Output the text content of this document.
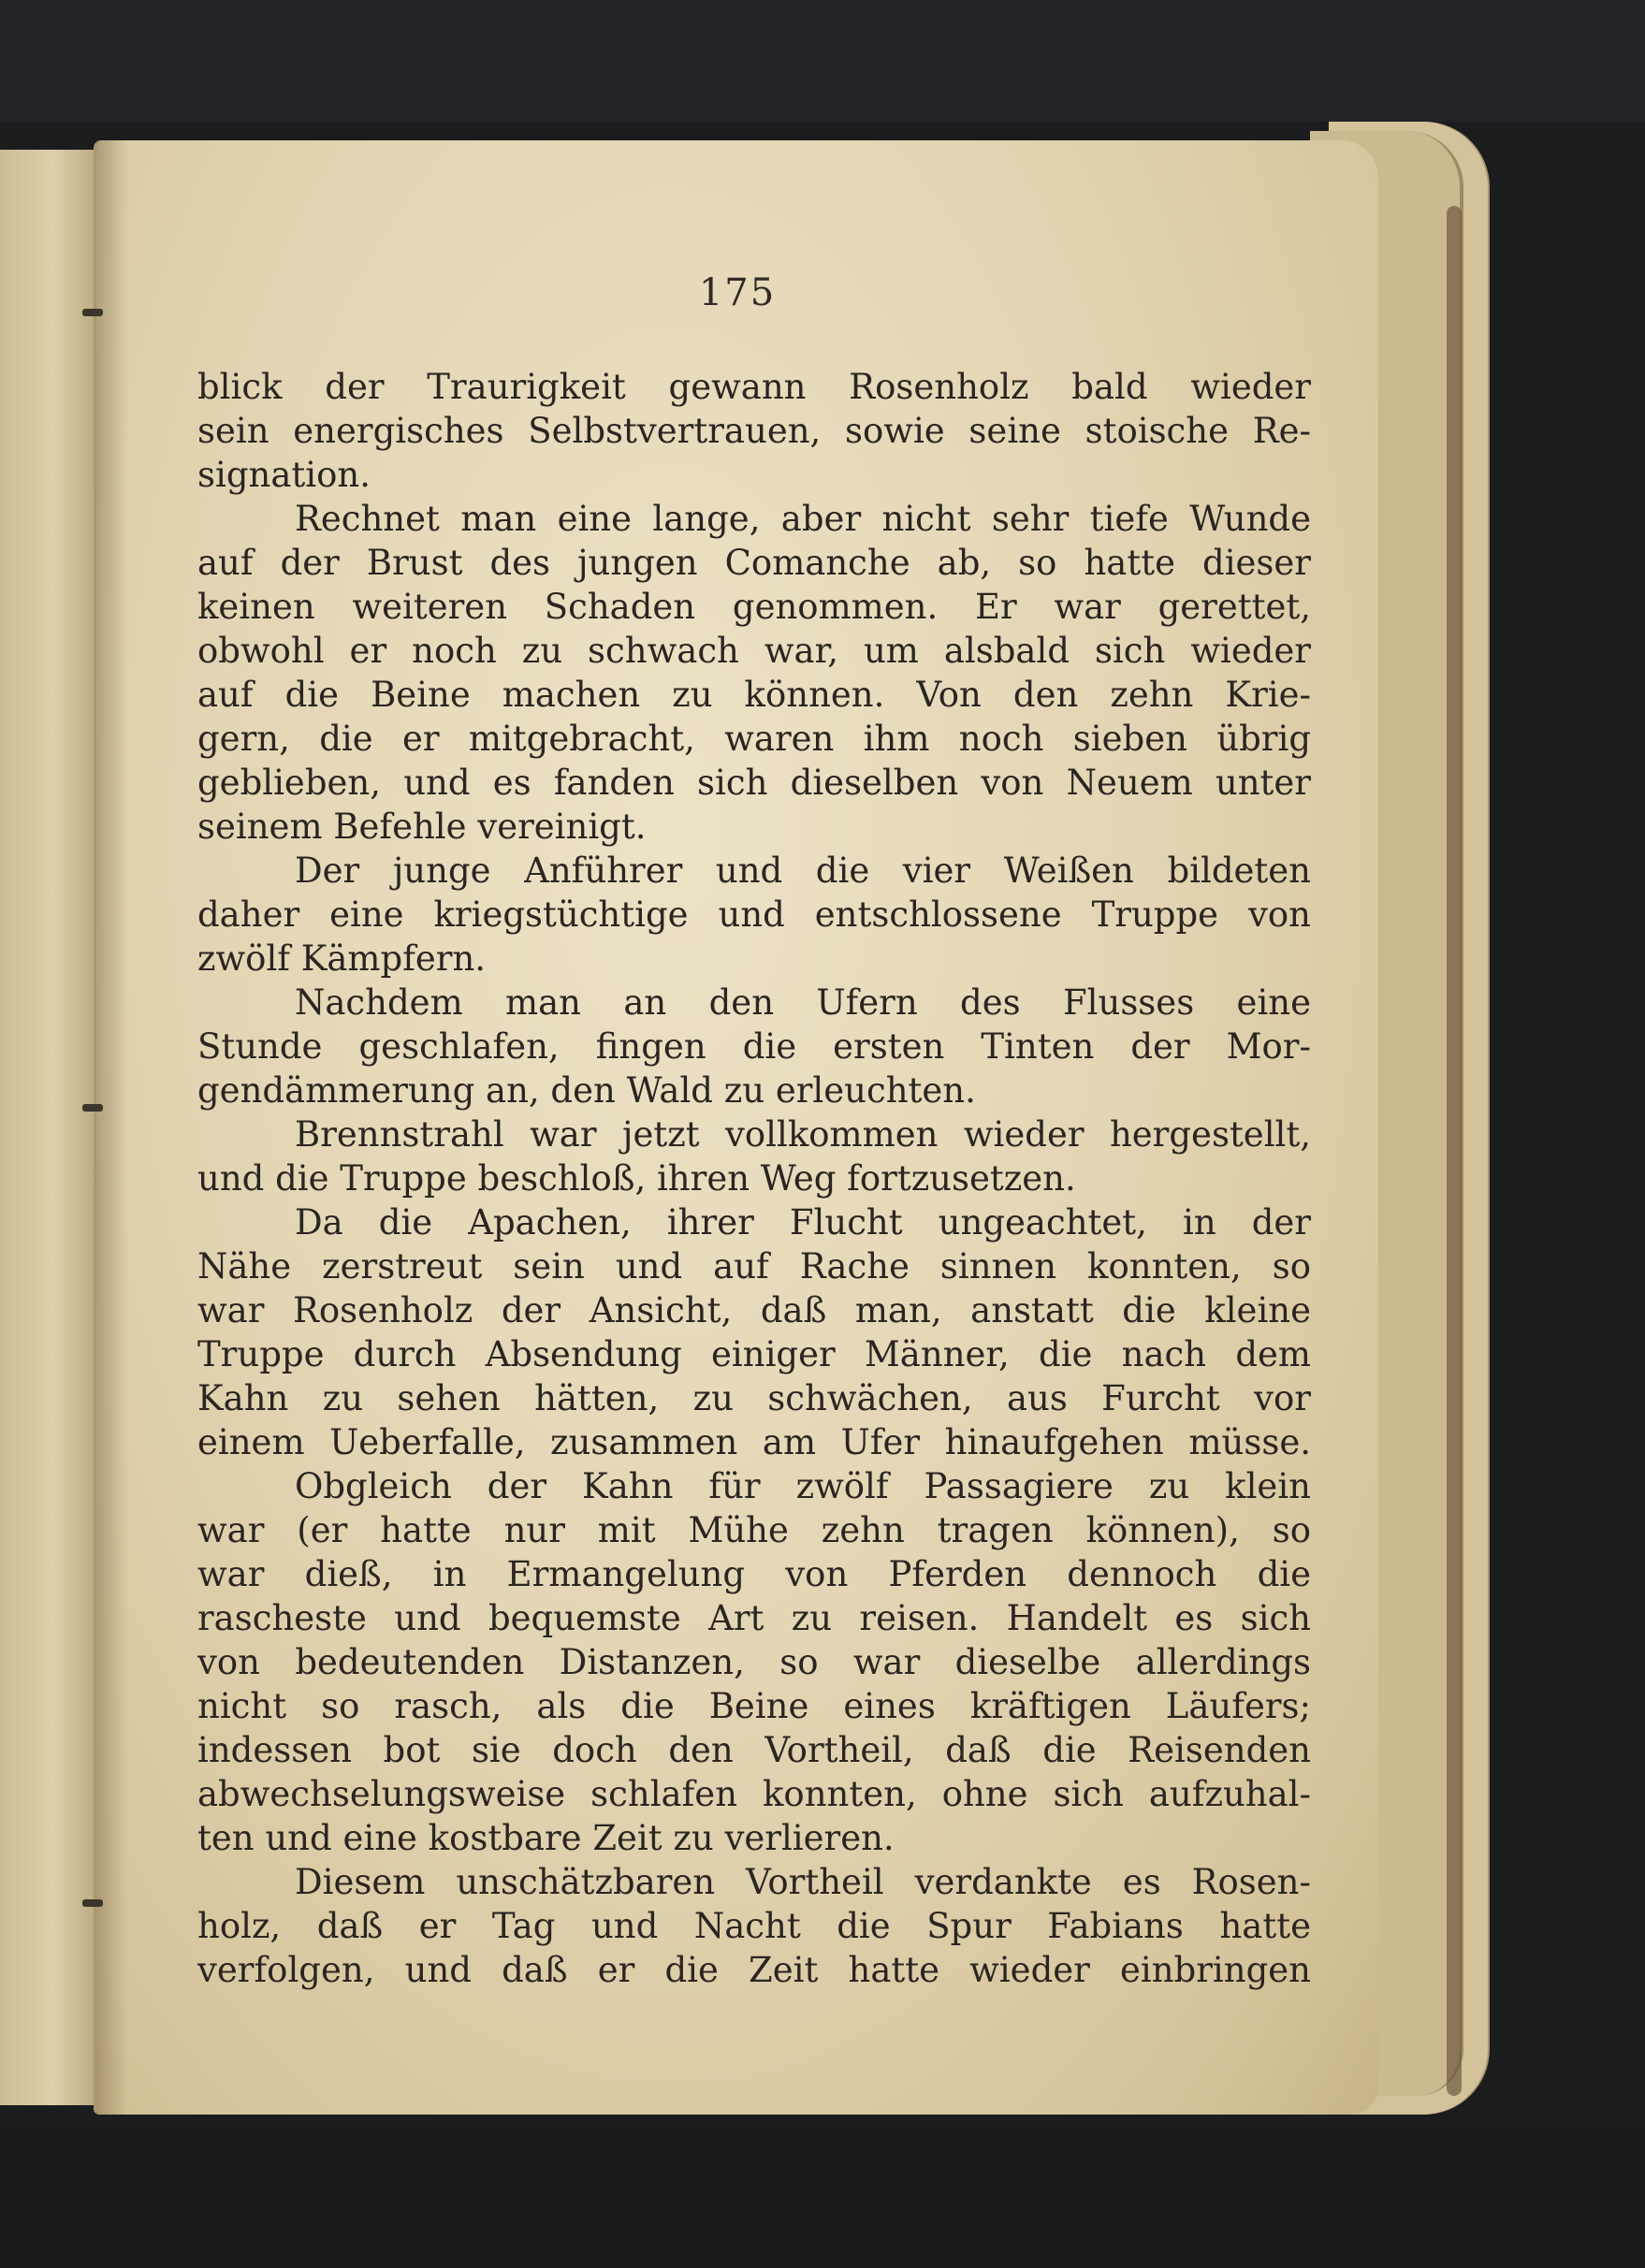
175
blick der Traurigkeit gewann Rosenholz bald wieder
sein energisches Selbstvertrauen, sowie seine stoische Re-
signation.
Rechnet man eine lange, aber nicht sehr tiefe Wunde
auf der Brust des jungen Comanche ab, so hatte dieser
keinen weiteren Schaden genommen. Er war gerettet,
obwohl er noch zu schwach war, um alsbald sich wieder
auf die Beine machen zu können. Von den zehn Krie-
gern, die er mitgebracht, waren ihm noch sieben übrig
geblieben, und es fanden sich dieselben von Neuem unter
seinem Befehle vereinigt.
Der junge Anführer und die vier Weißen bildeten
daher eine kriegstüchtige und entschlossene Truppe von
zwölf Kämpfern.
Nachdem man an den Ufern des Flusses eine
Stunde geschlafen, fingen die ersten Tinten der Mor-
gendämmerung an, den Wald zu erleuchten.
Brennstrahl war jetzt vollkommen wieder hergestellt,
und die Truppe beschloß, ihren Weg fortzusetzen.
Da die Apachen, ihrer Flucht ungeachtet, in der
Nähe zerstreut sein und auf Rache sinnen konnten, so
war Rosenholz der Ansicht, daß man, anstatt die kleine
Truppe durch Absendung einiger Männer, die nach dem
Kahn zu sehen hätten, zu schwächen, aus Furcht vor
einem Ueberfalle, zusammen am Ufer hinaufgehen müsse.
Obgleich der Kahn für zwölf Passagiere zu klein
war (er hatte nur mit Mühe zehn tragen können), so
war dieß, in Ermangelung von Pferden dennoch die
rascheste und bequemste Art zu reisen. Handelt es sich
von bedeutenden Distanzen, so war dieselbe allerdings
nicht so rasch, als die Beine eines kräftigen Läufers;
indessen bot sie doch den Vortheil, daß die Reisenden
abwechselungsweise schlafen konnten, ohne sich aufzuhal-
ten und eine kostbare Zeit zu verlieren.
Diesem unschätzbaren Vortheil verdankte es Rosen-
holz, daß er Tag und Nacht die Spur Fabians hatte
verfolgen, und daß er die Zeit hatte wieder einbringen
